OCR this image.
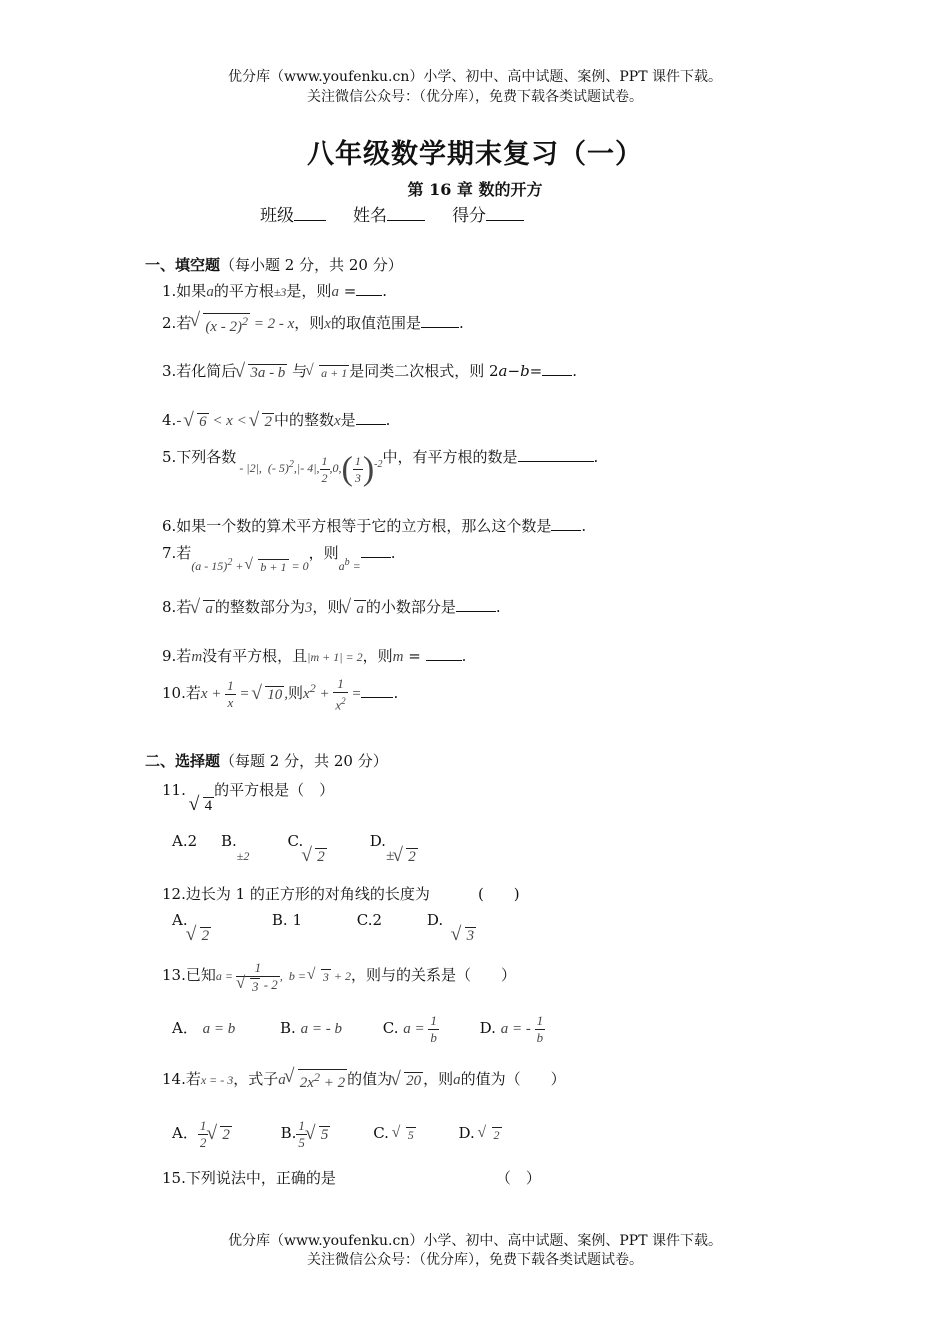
优分库（www.youfenku.cn）小学、初中、高中试题、案例、PPT 课件下载。
关注微信公众号：（优分库），免费下载各类试题试卷。
八年级数学期末复习（一）
第 16 章 数的开方
班级	姓名	得分
一、填空题（每小题 2 分，共 20 分）
1.如果a的平方根±3是，则a = .
2.若 √ (x - 2)$^2$ = 2 - x，则x的取值范围是	.
3.若化简后 √ 3a - b 与 √ a + 1 是同类二次根式，则 2a−b= .
4.- √ 6 < x < √ 2 中的整数x是 .
5.下列各数 $_{- |2|, (- 5)^2,|- 4|, \frac{1}{2} ,0,( \frac{1}{3} )^{-2}}$中，有平方根的数是	.
6.如果一个数的算术平方根等于它的立方根，那么这个数是 .
7.若$_{(a - 15)^2 + √ b + 1 = 0}$，则$_{a^b =}$.
8.若 √ a 的整数部分为3，则 √ a 的小数部分是	.
9.若m没有平方根，且|m + 1| = 2，则m = .
10.若$x + \frac{1}{x}$ = √ 10 ,则$x^2 + \frac{1}{x^2}$ = .
二、选择题（每题 2 分，共 20 分）
11. √ 4的平方根是（　）
A.2 $B._{\pm 2}$        C.√ 2         D.± √ 2
12.边长为 1 的正方形的对角线的长度为	(　　)
A.√ 2 B. 1	C.2	D.  √ 3
13.已知a = 1
√ 3 - 2 ,  b = √ 3 + 2，则与的关系是（　　）
A． a = b	B. a = - b	C. $a = \frac{1}{b}$	D. a = - $\frac{1}{b}$
14.若x = - 3，式子a √ $2x^2 + 2$ 的值为 √ 20 ，则a的值为（　　）
A． $\frac{1}{2}$ √ 2	B. $\frac{1}{5}$ √ 5	C. √ 5	D. √ 2
15.下列说法中，正确的是	（　）
优分库（www.youfenku.cn）小学、初中、高中试题、案例、PPT 课件下载。
关注微信公众号：（优分库），免费下载各类试题试卷。
